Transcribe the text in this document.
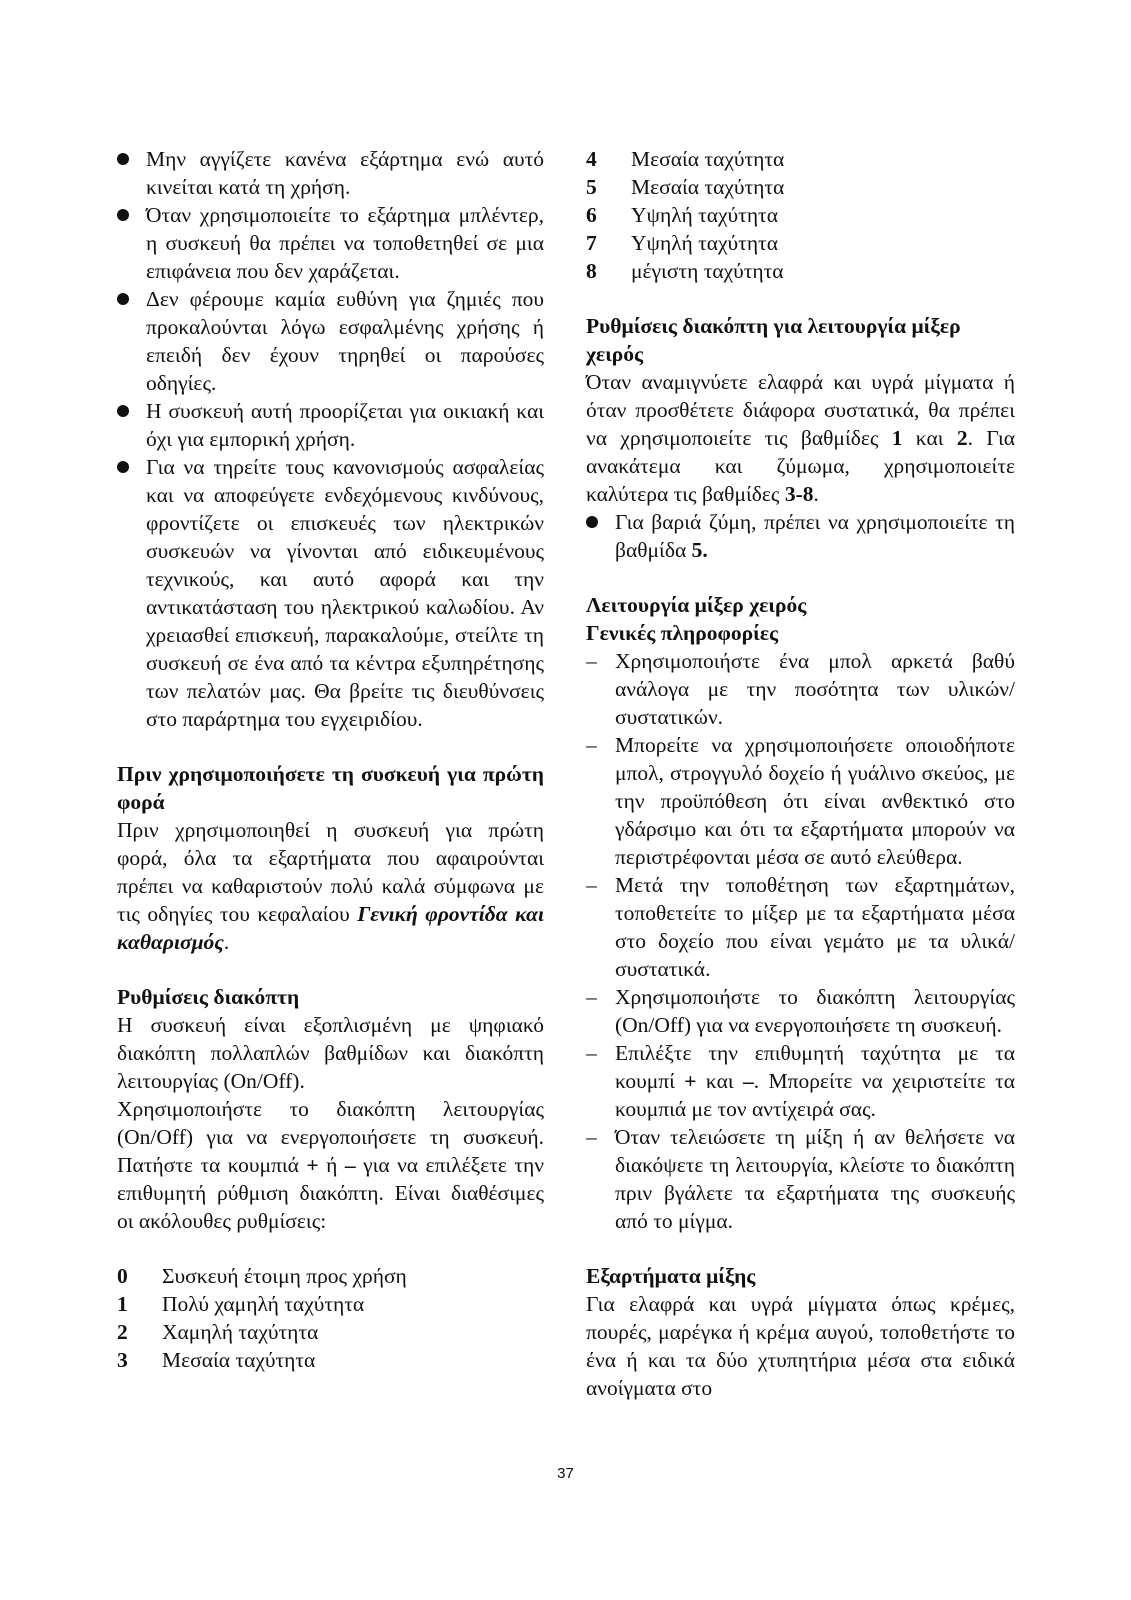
Μην αγγίζετε κανένα εξάρτημα ενώ αυτό κινείται κατά τη χρήση.
Όταν χρησιμοποιείτε το εξάρτημα μπλέντερ, η συσκευή θα πρέπει να τοποθετηθεί σε μια επιφάνεια που δεν χαράζεται.
Δεν φέρουμε καμία ευθύνη για ζημιές που προκαλούνται λόγω εσφαλμένης χρήσης ή επειδή δεν έχουν τηρηθεί οι παρούσες οδηγίες.
Η συσκευή αυτή προορίζεται για οικιακή και όχι για εμπορική χρήση.
Για να τηρείτε τους κανονισμούς ασφαλείας και να αποφεύγετε ενδεχόμενους κινδύνους, φροντίζετε οι επισκευές των ηλεκτρικών συσκευών να γίνονται από ειδικευμένους τεχνικούς, και αυτό αφορά και την αντικατάσταση του ηλεκτρικού καλωδίου. Αν χρειασθεί επισκευή, παρακαλούμε, στείλτε τη συσκευή σε ένα από τα κέντρα εξυπηρέτησης των πελατών μας. Θα βρείτε τις διευθύνσεις στο παράρτημα του εγχειριδίου.

Πριν χρησιμοποιήσετε τη συσκευή για πρώτη φορά

Πριν χρησιμοποιηθεί η συσκευή για πρώτη φορά, όλα τα εξαρτήματα που αφαιρούνται πρέπει να καθαριστούν πολύ καλά σύμφωνα με τις οδηγίες του κεφαλαίου Γενική φροντίδα και καθαρισμός.

Ρυθμίσεις διακόπτη

Η συσκευή είναι εξοπλισμένη με ψηφιακό διακόπτη πολλαπλών βαθμίδων και διακόπτη λειτουργίας (On/Off).

Χρησιμοποιήστε το διακόπτη λειτουργίας (On/Off) για να ενεργοποιήσετε τη συσκευή. Πατήστε τα κουμπιά + ή – για να επιλέξετε την επιθυμητή ρύθμιση διακόπτη. Είναι διαθέσιμες οι ακόλουθες ρυθμίσεις:

0	Συσκευή έτοιμη προς χρήση
1	Πολύ χαμηλή ταχύτητα
2	Χαμηλή ταχύτητα
3	Μεσαία ταχύτητα
4	Μεσαία ταχύτητα
5	Μεσαία ταχύτητα
6	Υψηλή ταχύτητα
7	Υψηλή ταχύτητα
8	μέγιστη ταχύτητα

Ρυθμίσεις διακόπτη για λειτουργία μίξερ χειρός

Όταν αναμιγνύετε ελαφρά και υγρά μίγματα ή όταν προσθέτετε διάφορα συστατικά, θα πρέπει να χρησιμοποιείτε τις βαθμίδες 1 και 2. Για ανακάτεμα και ζύμωμα, χρησιμοποιείτε καλύτερα τις βαθμίδες 3-8.

Για βαριά ζύμη, πρέπει να χρησιμοποιείτε τη βαθμίδα 5.

Λειτουργία μίξερ χειρός

Γενικές πληροφορίες

– Χρησιμοποιήστε ένα μπολ αρκετά βαθύ ανάλογα με την ποσότητα των υλικών/συστατικών.
– Μπορείτε να χρησιμοποιήσετε οποιοδήποτε μπολ, στρογγυλό δοχείο ή γυάλινο σκεύος, με την προϋπόθεση ότι είναι ανθεκτικό στο γδάρσιμο και ότι τα εξαρτήματα μπορούν να περιστρέφονται μέσα σε αυτό ελεύθερα.
– Μετά την τοποθέτηση των εξαρτημάτων, τοποθετείτε το μίξερ με τα εξαρτήματα μέσα στο δοχείο που είναι γεμάτο με τα υλικά/συστατικά.
– Χρησιμοποιήστε το διακόπτη λειτουργίας (On/Off) για να ενεργοποιήσετε τη συσκευή.
– Επιλέξτε την επιθυμητή ταχύτητα με τα κουμπί + και –. Μπορείτε να χειριστείτε τα κουμπιά με τον αντίχειρά σας.
– Όταν τελειώσετε τη μίξη ή αν θελήσετε να διακόψετε τη λειτουργία, κλείστε το διακόπτη πριν βγάλετε τα εξαρτήματα της συσκευής από το μίγμα.

Εξαρτήματα μίξης

Για ελαφρά και υγρά μίγματα όπως κρέμες, πουρές, μαρέγκα ή κρέμα αυγού, τοποθετήστε το ένα ή και τα δύο χτυπητήρια μέσα στα ειδικά ανοίγματα στο

37
